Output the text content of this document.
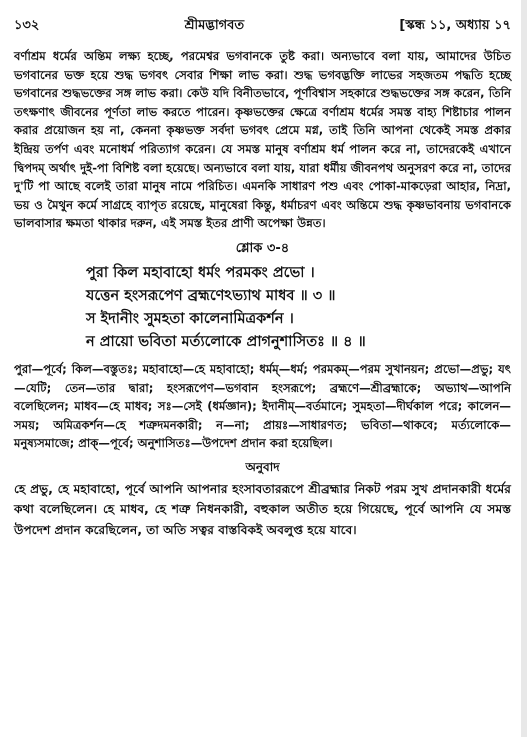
১৩২	শ্রীমদ্ভাগবত	[স্কন্ধ ১১, অধ্যায় ১৭

বর্ণাশ্রম ধর্মের অন্তিম লক্ষ্য হচ্ছে, পরমেশ্বর ভগবানকে তুষ্ট করা। অন্যভাবে বলা যায়, আমাদের উচিত ভগবানের ভক্ত হয়ে শুদ্ধ ভগবৎ সেবার শিক্ষা লাভ করা। শুদ্ধ ভগবদ্ভক্তি লাভের সহজতম পদ্ধতি হচ্ছে ভগবানের শুদ্ধভক্তের সঙ্গ লাভ করা। কেউ যদি বিনীতভাবে, পূর্ণবিশ্বাস সহকারে শুদ্ধভক্তের সঙ্গ করেন, তিনি তৎক্ষণাৎ জীবনের পূর্ণতা লাভ করতে পারেন। কৃষ্ণভক্তের ক্ষেত্রে বর্ণাশ্রম ধর্মের সমস্ত বাহ্য শিষ্টাচার পালন করার প্রয়োজন হয় না, কেননা কৃষ্ণভক্ত সর্বদা ভগবৎ প্রেমে মগ্ন, তাই তিনি আপনা থেকেই সমস্ত প্রকার ইন্দ্রিয় তর্পণ এবং মনোধর্ম পরিত্যাগ করেন। যে সমস্ত মানুষ বর্ণাশ্রম ধর্ম পালন করে না, তাদেরকেই এখানে দ্বিপদম্ অর্থাৎ দুই-পা বিশিষ্ট বলা হয়েছে। অন্যভাবে বলা যায়, যারা ধর্মীয় জীবনপথ অনুসরণ করে না, তাদের দু'টি পা আছে বলেই তারা মানুষ নামে পরিচিত। এমনকি সাধারণ পশু এবং পোকা-মাকড়েরা আহার, নিদ্রা, ভয় ও মৈথুন কর্মে সাগ্রহে ব্যাপৃত রয়েছে, মানুষেরা কিন্তু, ধর্মাচরণ এবং অন্তিমে শুদ্ধ কৃষ্ণভাবনায় ভগবানকে ভালবাসার ক্ষমতা থাকার দরুন, এই সমস্ত ইতর প্রাণী অপেক্ষা উন্নত।

শ্লোক ৩-৪
পুরা কিল মহাবাহো ধর্মং পরমকং প্রভো ।
যত্তেন হংসরূপেণ ব্রহ্মণেঽভ্যাথ মাধব ॥ ৩ ॥
স ইদানীং সুমহতা কালেনামিত্রকর্শন ।
ন প্রায়ো ভবিতা মর্ত্যলোকে প্রাগনুশাসিতঃ ॥ ৪ ॥

পুরা—পূর্বে; কিল—বস্তুতঃ; মহাবাহো—হে মহাবাহো; ধর্মম্—ধর্ম; পরমকম্—পরম সুখানয়ন; প্রভো—প্রভু; যৎ—যেটি; তেন—তার দ্বারা; হংসরূপেণ—ভগবান হংসরূপে; ব্রহ্মণে—শ্রীব্রহ্মাকে; অভ্যাথ—আপনি বলেছিলেন; মাধব—হে মাধব; সঃ—সেই (ধর্মজ্ঞান); ইদানীম্—বর্তমানে; সুমহতা—দীর্ঘকাল পরে; কালেন—সময়; অমিত্রকর্শন—হে শত্রুদমনকারী; ন—না; প্রায়ঃ—সাধারণত; ভবিতা—থাকবে; মর্ত্যলোকে—মনুষ্যসমাজে; প্রাক্—পূর্বে; অনুশাসিতঃ—উপদেশ প্রদান করা হয়েছিল।

অনুবাদ

হে প্রভু, হে মহাবাহো, পূর্বে আপনি আপনার হংসাবতাররূপে শ্রীব্রহ্মার নিকট পরম সুখ প্রদানকারী ধর্মের কথা বলেছিলেন। হে মাধব, হে শত্রু নিধনকারী, বহুকাল অতীত হয়ে গিয়েছে, পূর্বে আপনি যে সমস্ত উপদেশ প্রদান করেছিলেন, তা অতি সত্বর বাস্তবিকই অবলুপ্ত হয়ে যাবে।
